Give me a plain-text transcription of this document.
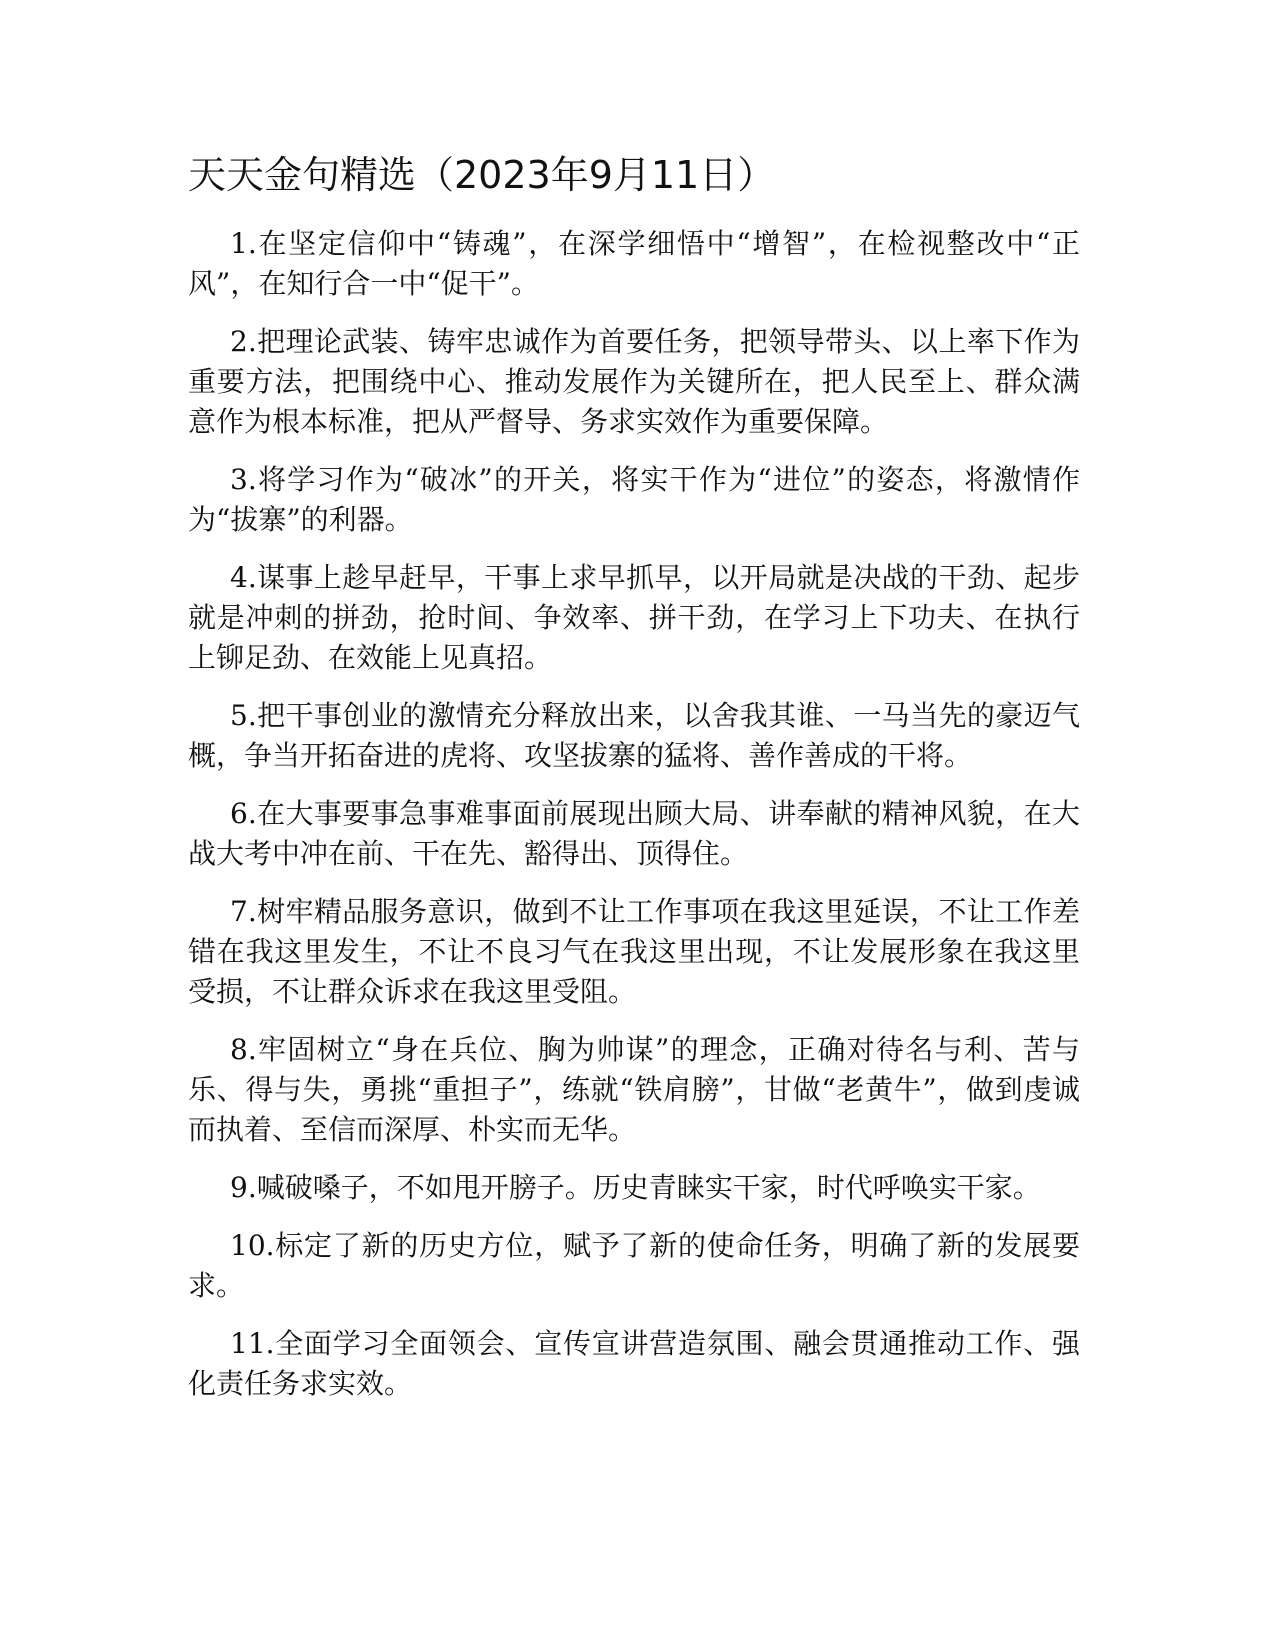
天天金句精选（2023年9月11日）
1.在坚定信仰中“铸魂”，在深学细悟中“增智”，在检视整改中“正风”，在知行合一中“促干”。
2.把理论武装、铸牢忠诚作为首要任务，把领导带头、以上率下作为重要方法，把围绕中心、推动发展作为关键所在，把人民至上、群众满意作为根本标准，把从严督导、务求实效作为重要保障。
3.将学习作为“破冰”的开关，将实干作为“进位”的姿态，将激情作为“拔寨”的利器。
4.谋事上趁早赶早，干事上求早抓早，以开局就是决战的干劲、起步就是冲刺的拼劲，抢时间、争效率、拼干劲，在学习上下功夫、在执行上铆足劲、在效能上见真招。
5.把干事创业的激情充分释放出来，以舍我其谁、一马当先的豪迈气概，争当开拓奋进的虎将、攻坚拔寨的猛将、善作善成的干将。
6.在大事要事急事难事面前展现出顾大局、讲奉献的精神风貌，在大战大考中冲在前、干在先、豁得出、顶得住。
7.树牢精品服务意识，做到不让工作事项在我这里延误，不让工作差错在我这里发生，不让不良习气在我这里出现，不让发展形象在我这里受损，不让群众诉求在我这里受阻。
8.牢固树立“身在兵位、胸为帅谋”的理念，正确对待名与利、苦与乐、得与失，勇挑“重担子”，练就“铁肩膀”，甘做“老黄牛”，做到虔诚而执着、至信而深厚、朴实而无华。
9.喊破嗓子，不如甩开膀子。历史青睐实干家，时代呼唤实干家。
10.标定了新的历史方位，赋予了新的使命任务，明确了新的发展要求。
11.全面学习全面领会、宣传宣讲营造氛围、融会贯通推动工作、强化责任务求实效。
